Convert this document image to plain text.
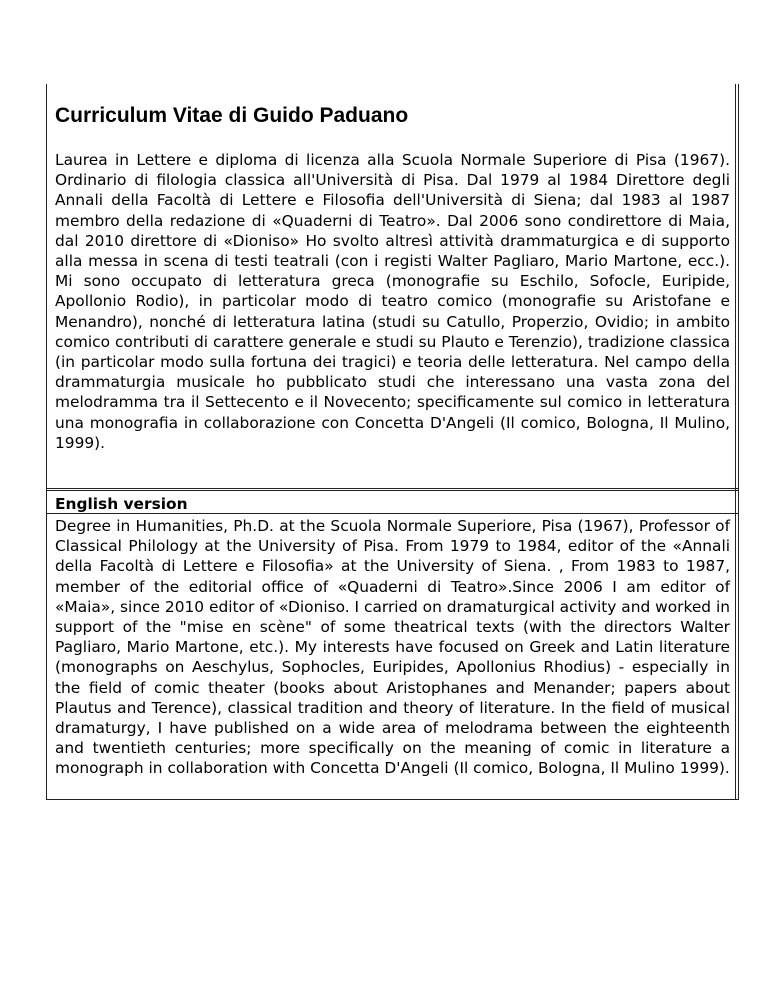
Curriculum Vitae di Guido Paduano

Laurea in Lettere e diploma di licenza alla Scuola Normale Superiore di Pisa (1967). Ordinario di filologia classica all'Università di Pisa. Dal 1979 al 1984 Direttore degli Annali della Facoltà di Lettere e Filosofia dell'Università di Siena; dal 1983 al 1987 membro della redazione di «Quaderni di Teatro». Dal 2006 sono condirettore di Maia, dal 2010 direttore di «Dioniso» Ho svolto altresì attività drammaturgica e di supporto alla messa in scena di testi teatrali (con i registi Walter Pagliaro, Mario Martone, ecc.). Mi sono occupato di letteratura greca (monografie su Eschilo, Sofocle, Euripide, Apollonio Rodio), in particolar modo di teatro comico (monografie su Aristofane e Menandro), nonché di letteratura latina (studi su Catullo, Properzio, Ovidio; in ambito comico contributi di carattere generale e studi su Plauto e Terenzio), tradizione classica (in particolar modo sulla fortuna dei tragici) e teoria delle letteratura. Nel campo della drammaturgia musicale ho pubblicato studi che interessano una vasta zona del melodramma tra il Settecento e il Novecento; specificamente sul comico in letteratura una monografia in collaborazione con Concetta D'Angeli (Il comico, Bologna, Il Mulino, 1999).

English version

Degree in Humanities, Ph.D. at the Scuola Normale Superiore, Pisa (1967), Professor of Classical Philology at the University of Pisa. From 1979 to 1984, editor of the «Annali della Facoltà di Lettere e Filosofia» at the University of Siena. , From 1983 to 1987, member of the editorial office of «Quaderni di Teatro».Since 2006 I am editor of «Maia», since 2010 editor of «Dioniso. I carried on dramaturgical activity and worked in support of the "mise en scène" of some theatrical texts (with the directors Walter Pagliaro, Mario Martone, etc.). My interests have focused on Greek and Latin literature (monographs on Aeschylus, Sophocles, Euripides, Apollonius Rhodius) - especially in the field of comic theater (books about Aristophanes and Menander; papers about Plautus and Terence), classical tradition and theory of literature. In the field of musical dramaturgy, I have published on a wide area of melodrama between the eighteenth and twentieth centuries; more specifically on the meaning of comic in literature a monograph in collaboration with Concetta D'Angeli (Il comico, Bologna, Il Mulino 1999).
